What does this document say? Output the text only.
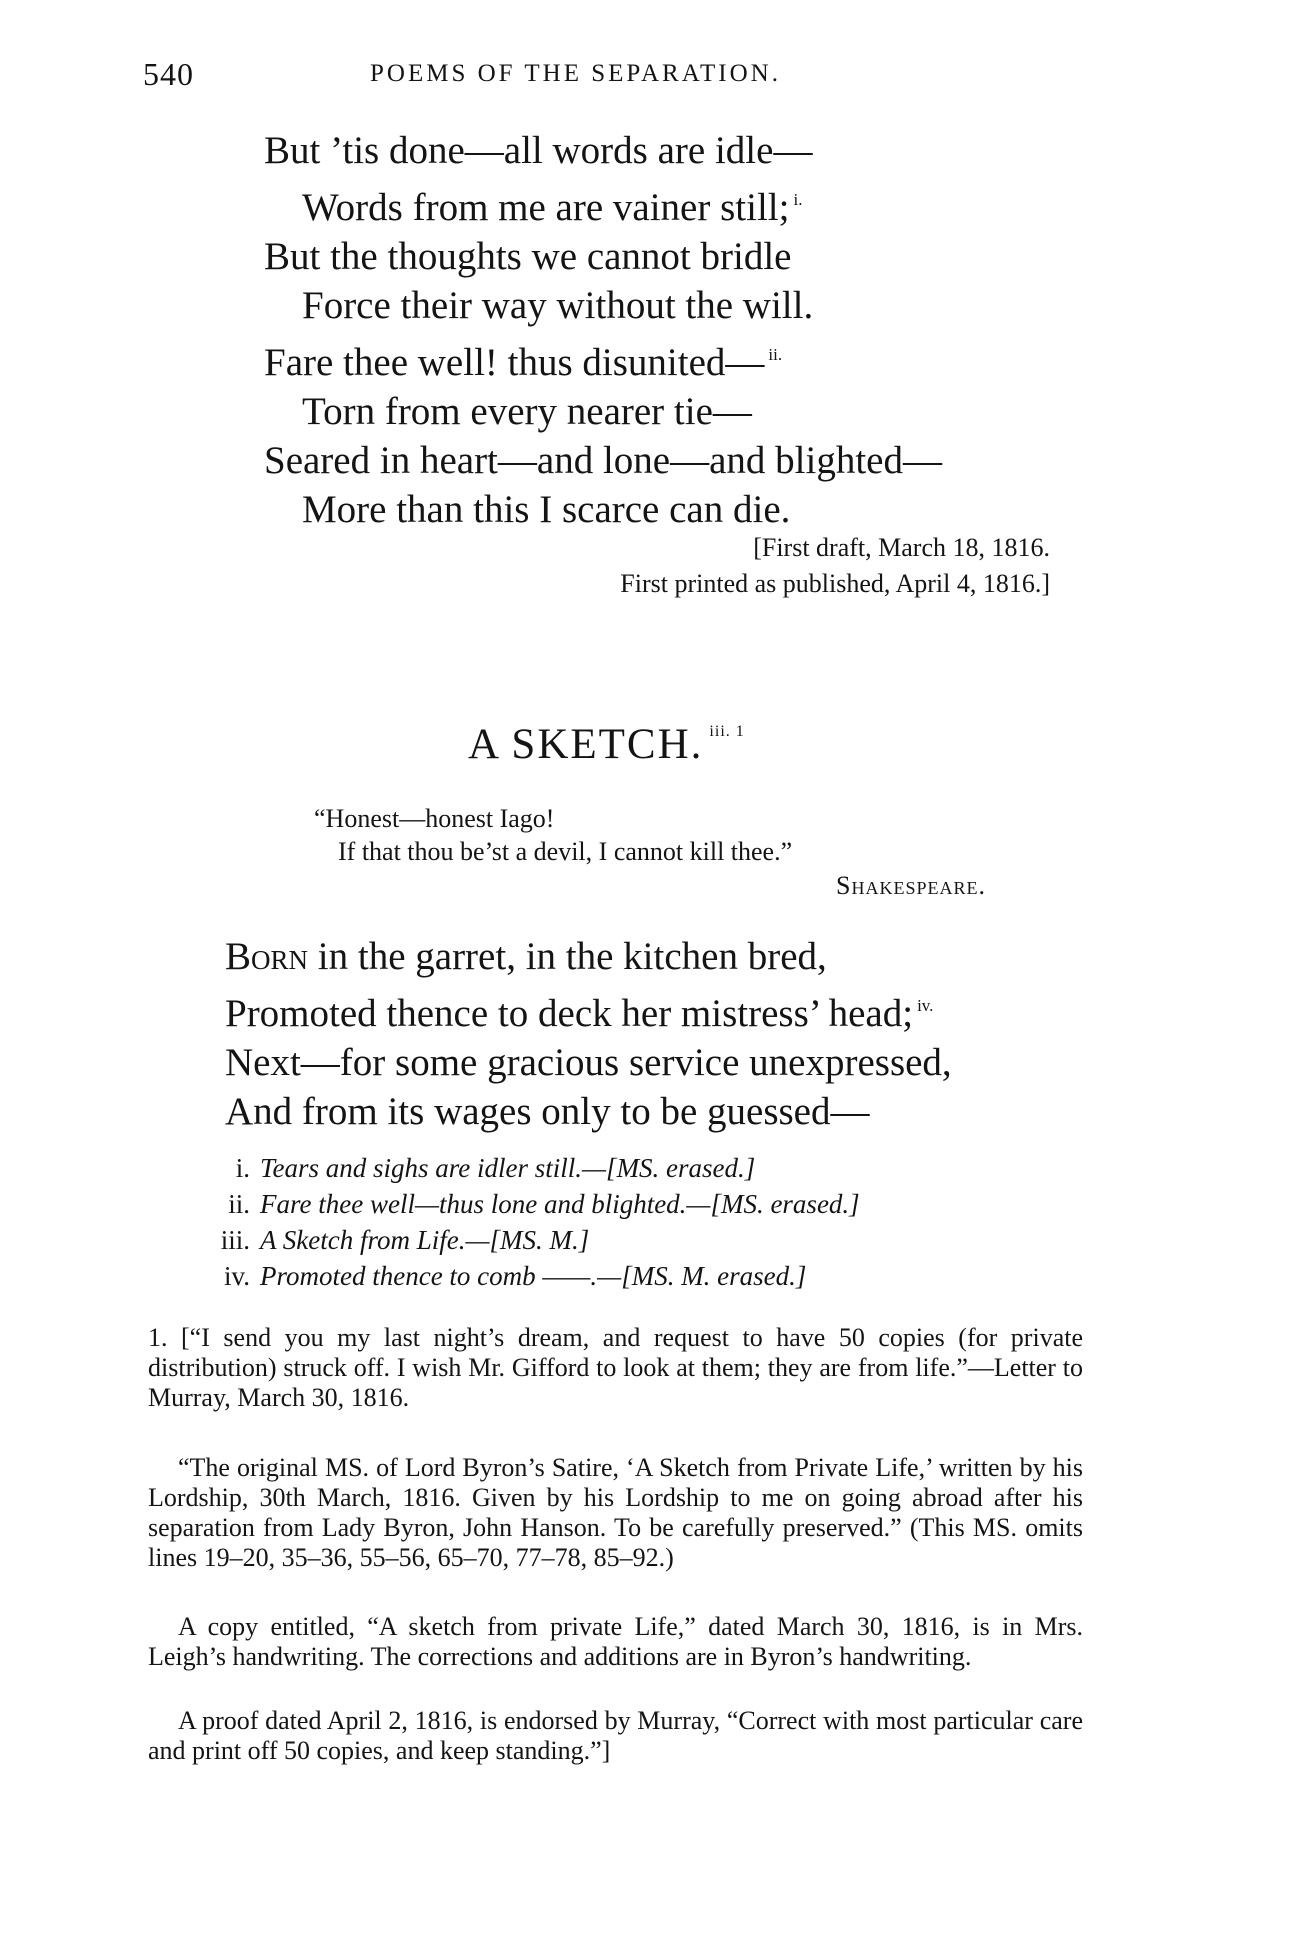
540	POEMS OF THE SEPARATION.
But ’tis done—all words are idle—
Words from me are vainer still; $^{i.}$
But the thoughts we cannot bridle
Force their way without the will.
Fare thee well! thus disunited— $^{ii.}$
Torn from every nearer tie—
Seared in heart—and lone—and blighted—
More than this I scarce can die.
[First draft, March 18, 1816.
First printed as published, April 4, 1816.]
A SKETCH. $^{iii. 1}$
“Honest—honest Iago!
If that thou be’st a devil, I cannot kill thee.”
Shakespeare.
Born in the garret, in the kitchen bred,
Promoted thence to deck her mistress’ head; $^{iv.}$
Next—for some gracious service unexpressed,
And from its wages only to be guessed—
i. Tears and sighs are idler still.—[MS. erased.]
ii. Fare thee well—thus lone and blighted.—[MS. erased.]
iii. A Sketch from Life.—[MS. M.]
iv. Promoted thence to comb ——.—[MS. M. erased.]
1. [“I send you my last night’s dream, and request to have 50 copies (for private distribution) struck off. I wish Mr. Gifford to look at them; they are from life.”—Letter to Murray, March 30, 1816.
“The original MS. of Lord Byron’s Satire, ‘A Sketch from Private Life,’ written by his Lordship, 30th March, 1816. Given by his Lordship to me on going abroad after his separation from Lady Byron, John Hanson. To be carefully preserved.” (This MS. omits lines 19–20, 35–36, 55–56, 65–70, 77–78, 85–92.)
A copy entitled, “A sketch from private Life,” dated March 30, 1816, is in Mrs. Leigh’s handwriting. The corrections and additions are in Byron’s handwriting.
A proof dated April 2, 1816, is endorsed by Murray, “Correct with most particular care and print off 50 copies, and keep standing.”]
